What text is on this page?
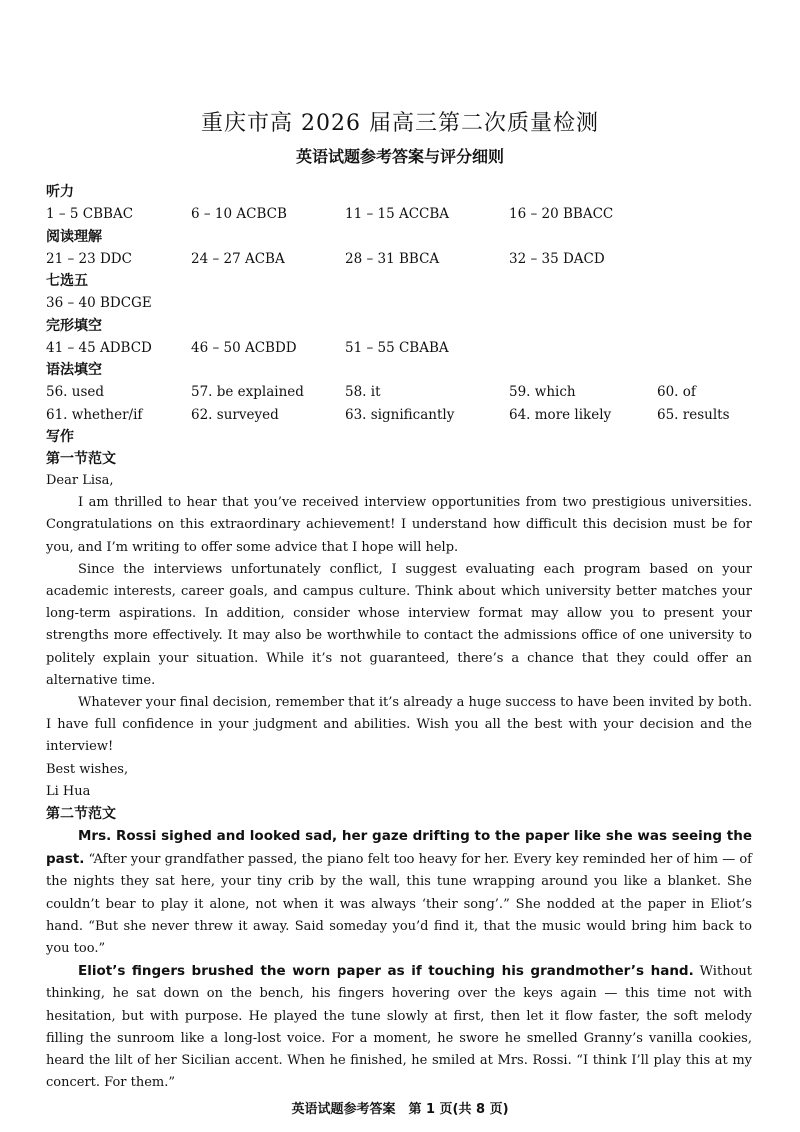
重庆市高 2026 届高三第二次质量检测
英语试题参考答案与评分细则
听力
1 – 5 CBBAC	6 – 10 ACBCB	11 – 15 ACCBA	16 – 20 BBACC
阅读理解
21 – 23 DDC	24 – 27 ACBA	28 – 31 BBCA	32 – 35 DACD
七选五
36 – 40 BDCGE
完形填空
41 – 45 ADBCD	46 – 50 ACBDD	51 – 55 CBABA
语法填空
56. used	57. be explained	58. it	59. which	60. of
61. whether/if	62. surveyed	63. significantly	64. more likely	65. results
写作

第一节范文

Dear Lisa,

I am thrilled to hear that you’ve received interview opportunities from two prestigious universities. Congratulations on this extraordinary achievement! I understand how difficult this decision must be for you, and I’m writing to offer some advice that I hope will help.

Since the interviews unfortunately conflict, I suggest evaluating each program based on your academic interests, career goals, and campus culture. Think about which university better matches your long-term aspirations. In addition, consider whose interview format may allow you to present your strengths more effectively. It may also be worthwhile to contact the admissions office of one university to politely explain your situation. While it’s not guaranteed, there’s a chance that they could offer an alternative time.

Whatever your final decision, remember that it’s already a huge success to have been invited by both. I have full confidence in your judgment and abilities. Wish you all the best with your decision and the interview!

Best wishes,

Li Hua

第二节范文

Mrs. Rossi sighed and looked sad, her gaze drifting to the paper like she was seeing the past. “After your grandfather passed, the piano felt too heavy for her. Every key reminded her of him — of the nights they sat here, your tiny crib by the wall, this tune wrapping around you like a blanket. She couldn’t bear to play it alone, not when it was always ‘their song’.” She nodded at the paper in Eliot’s hand. “But she never threw it away. Said someday you’d find it, that the music would bring him back to you too.”

Eliot’s fingers brushed the worn paper as if touching his grandmother’s hand. Without thinking, he sat down on the bench, his fingers hovering over the keys again — this time not with hesitation, but with purpose. He played the tune slowly at first, then let it flow faster, the soft melody filling the sunroom like a long-lost voice. For a moment, he swore he smelled Granny’s vanilla cookies, heard the lilt of her Sicilian accent. When he finished, he smiled at Mrs. Rossi. “I think I’ll play this at my concert. For them.”

英语试题参考答案　第 1 页(共 8 页)
